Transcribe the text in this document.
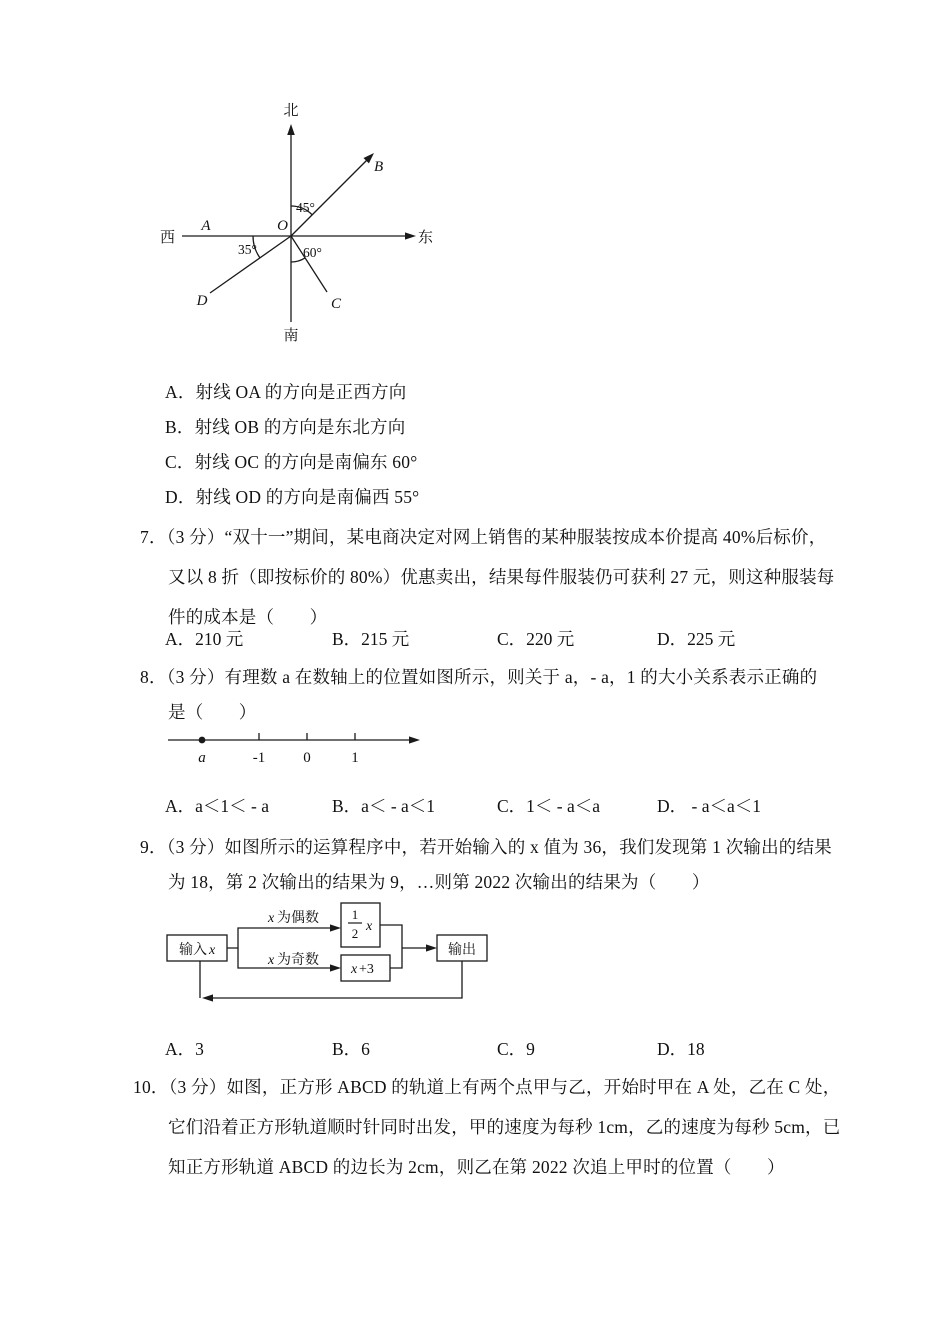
北
南
西	东
O
A
B
C
D
45°
35°	60°
A．射线 OA 的方向是正西方向
B．射线 OB 的方向是东北方向
C．射线 OC 的方向是南偏东 60°
D．射线 OD 的方向是南偏西 55°
7．（3 分）“双十一”期间，某电商决定对网上销售的某种服装按成本价提高 40%后标价，
又以 8 折（即按标价的 80%）优惠卖出，结果每件服装仍可获利 27 元，则这种服装每
件的成本是（　　）
A．210 元	B．215 元	C．220 元	D．225 元
8．（3 分）有理数 a 在数轴上的位置如图所示，则关于 a，- a，1 的大小关系表示正确的
是（　　）
a	-1	0	1
A．a＜1＜ - a	B．a＜ - a＜1	C．1＜ - a＜a	D． - a＜a＜1
9．（3 分）如图所示的运算程序中，若开始输入的 x 值为 36，我们发现第 1 次输出的结果
为 18，第 2 次输出的结果为 9，…则第 2022 次输出的结果为（　　）
输入 x
x 为偶数
x 为奇数
1
2 x
x +3
输出
A．3	B．6	C．9	D．18
10．（3 分）如图，正方形 ABCD 的轨道上有两个点甲与乙，开始时甲在 A 处，乙在 C 处，
它们沿着正方形轨道顺时针同时出发，甲的速度为每秒 1cm，乙的速度为每秒 5cm，已
知正方形轨道 ABCD 的边长为 2cm，则乙在第 2022 次追上甲时的位置（　　）
